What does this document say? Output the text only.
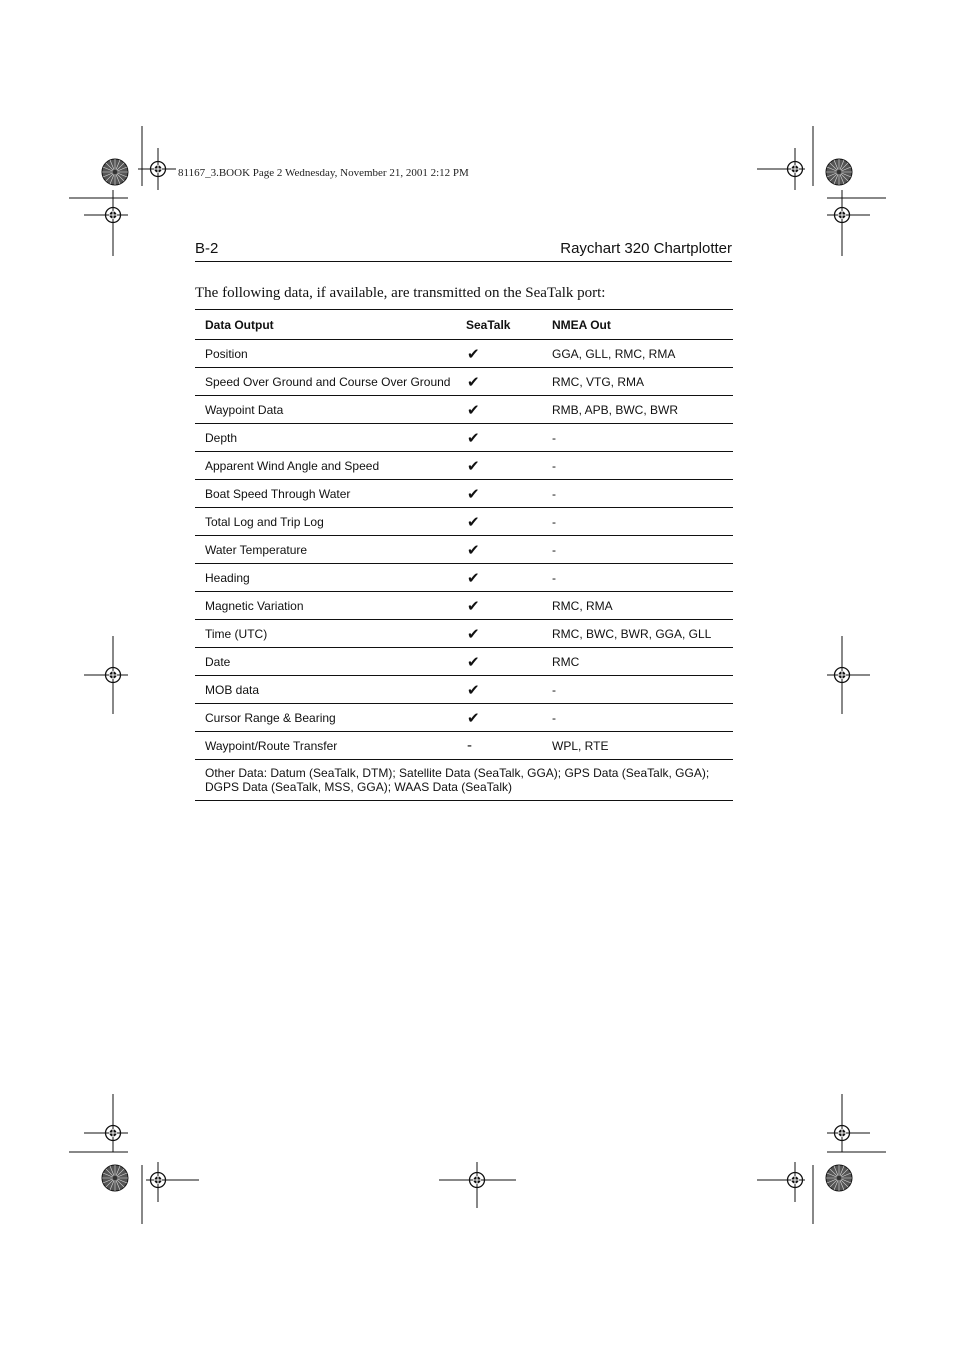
81167_3.BOOK Page 2 Wednesday, November 21, 2001 2:12 PM
B-2	Raychart 320 Chartplotter
The following data, if available, are transmitted on the SeaTalk port:
Data Output	SeaTalk	NMEA Out
Position	✔	GGA, GLL, RMC, RMA
Speed Over Ground and Course Over Ground	✔	RMC, VTG, RMA
Waypoint Data	✔	RMB, APB, BWC, BWR
Depth	✔	-
Apparent Wind Angle and Speed	✔	-
Boat Speed Through Water	✔	-
Total Log and Trip Log	✔	-
Water Temperature	✔	-
Heading	✔	-
Magnetic Variation	✔	RMC, RMA
Time (UTC)	✔	RMC, BWC, BWR, GGA, GLL
Date	✔	RMC
MOB data	✔	-
Cursor Range & Bearing	✔	-
Waypoint/Route Transfer	-	WPL, RTE
Other Data: Datum (SeaTalk, DTM); Satellite Data (SeaTalk, GGA); GPS Data (SeaTalk, GGA); DGPS Data (SeaTalk, MSS, GGA); WAAS Data (SeaTalk)		
